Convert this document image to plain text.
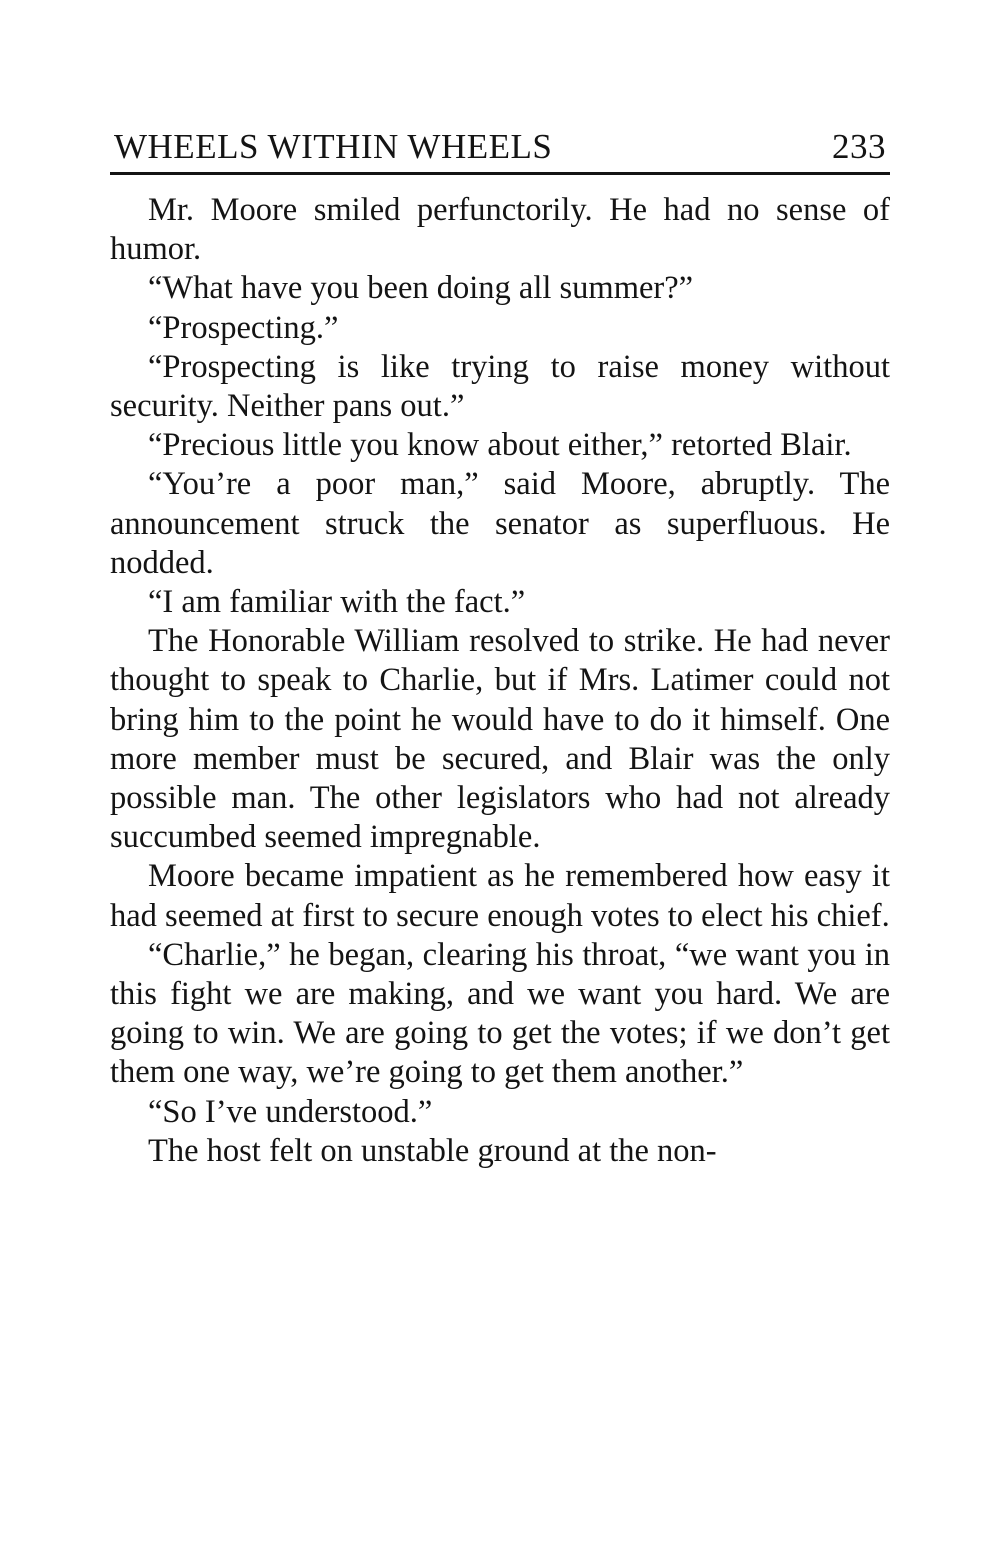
WHEELS WITHIN WHEELS	233

Mr. Moore smiled perfunctorily. He had no sense of humor.

“What have you been doing all summer?”

“Prospecting.”

“Prospecting is like trying to raise money without security. Neither pans out.”

“Precious little you know about either,” retorted Blair.

“You’re a poor man,” said Moore, abruptly. The announcement struck the senator as superfluous. He nodded.

“I am familiar with the fact.”

The Honorable William resolved to strike. He had never thought to speak to Charlie, but if Mrs. Latimer could not bring him to the point he would have to do it himself. One more member must be secured, and Blair was the only possible man. The other legislators who had not already succumbed seemed impregnable.

Moore became impatient as he remembered how easy it had seemed at first to secure enough votes to elect his chief.

“Charlie,” he began, clearing his throat, “we want you in this fight we are making, and we want you hard. We are going to win. We are going to get the votes; if we don’t get them one way, we’re going to get them another.”

“So I’ve understood.”

The host felt on unstable ground at the non-
